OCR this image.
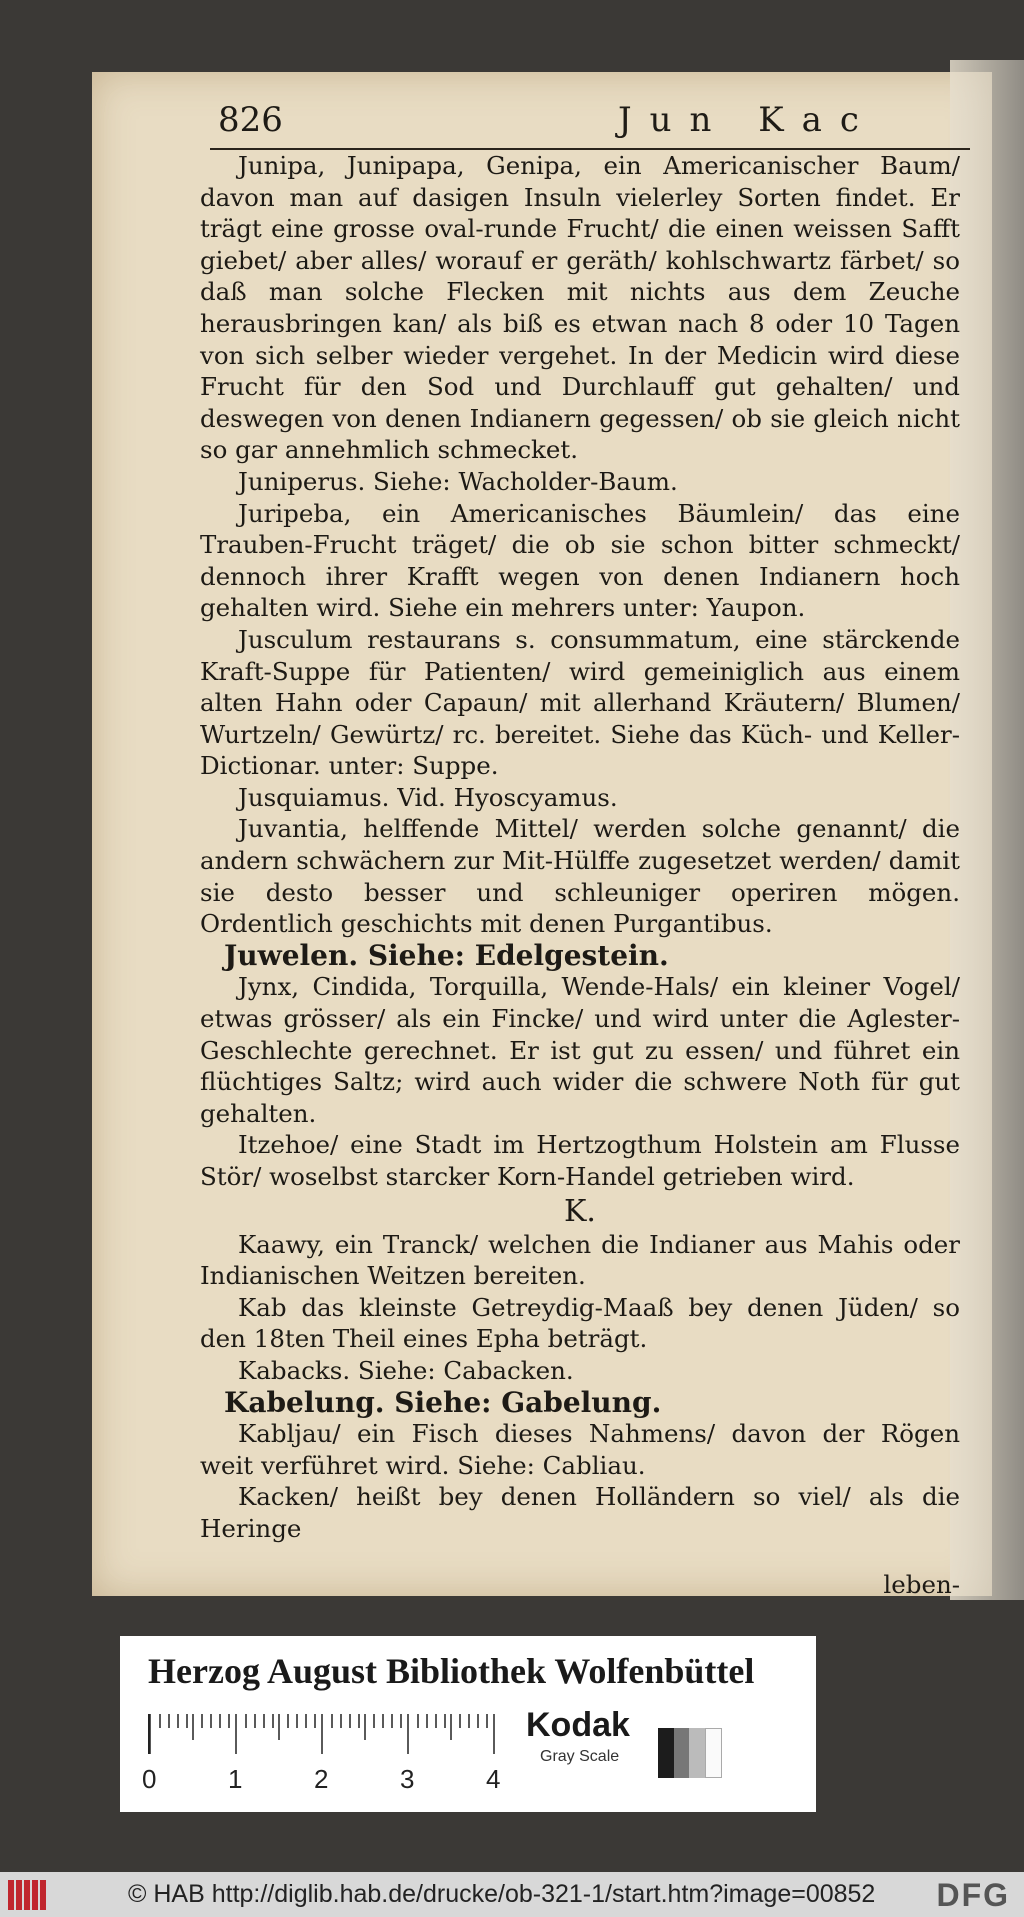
826	Jun Kac

Junipa, Junipapa, Genipa, ein Americanischer Baum/ davon man auf dasigen Insuln vielerley Sorten findet. Er trägt eine grosse oval-runde Frucht/ die einen weissen Safft giebet/ aber alles/ worauf er geräth/ kohlschwartz färbet/ so daß man solche Flecken mit nichts aus dem Zeuche herausbringen kan/ als biß es etwan nach 8 oder 10 Tagen von sich selber wieder vergehet. In der Medicin wird diese Frucht für den Sod und Durchlauff gut gehalten/ und deswegen von denen Indianern gegessen/ ob sie gleich nicht so gar annehmlich schmecket.

Juniperus. Siehe: Wacholder-Baum.

Juripeba, ein Americanisches Bäumlein/ das eine Trauben-Frucht träget/ die ob sie schon bitter schmeckt/ dennoch ihrer Krafft wegen von denen Indianern hoch gehalten wird. Siehe ein mehrers unter: Yaupon.

Jusculum restaurans s. consummatum, eine stärckende Kraft-Suppe für Patienten/ wird gemeiniglich aus einem alten Hahn oder Capaun/ mit allerhand Kräutern/ Blumen/ Wurtzeln/ Gewürtz/ rc. bereitet. Siehe das Küch- und Keller-Dictionar. unter: Suppe.

Jusquiamus. Vid. Hyoscyamus.

Juvantia, helffende Mittel/ werden solche genannt/ die andern schwächern zur Mit-Hülffe zugesetzet werden/ damit sie desto besser und schleuniger operiren mögen. Ordentlich geschichts mit denen Purgantibus.

Juwelen. Siehe: Edelgestein.

Jynx, Cindida, Torquilla, Wende-Hals/ ein kleiner Vogel/ etwas grösser/ als ein Fincke/ und wird unter die Aglester-Geschlechte gerechnet. Er ist gut zu essen/ und führet ein flüchtiges Saltz; wird auch wider die schwere Noth für gut gehalten.

Itzehoe/ eine Stadt im Hertzogthum Holstein am Flusse Stör/ woselbst starcker Korn-Handel getrieben wird.

K.

Kaawy, ein Tranck/ welchen die Indianer aus Mahis oder Indianischen Weitzen bereiten.

Kab das kleinste Getreydig-Maaß bey denen Jüden/ so den 18ten Theil eines Epha beträgt.

Kabacks. Siehe: Cabacken.

Kabelung. Siehe: Gabelung.

Kabljau/ ein Fisch dieses Nahmens/ davon der Rögen weit verführet wird. Siehe: Cabliau.

Kacken/ heißt bey denen Holländern so viel/ als die Heringe

leben-

Herzog August Bibliothek Wolfenbüttel
0	1	2	3	4
Kodak
Gray Scale
© HAB http://diglib.hab.de/drucke/ob-321-1/start.htm?image=00852 DFG
